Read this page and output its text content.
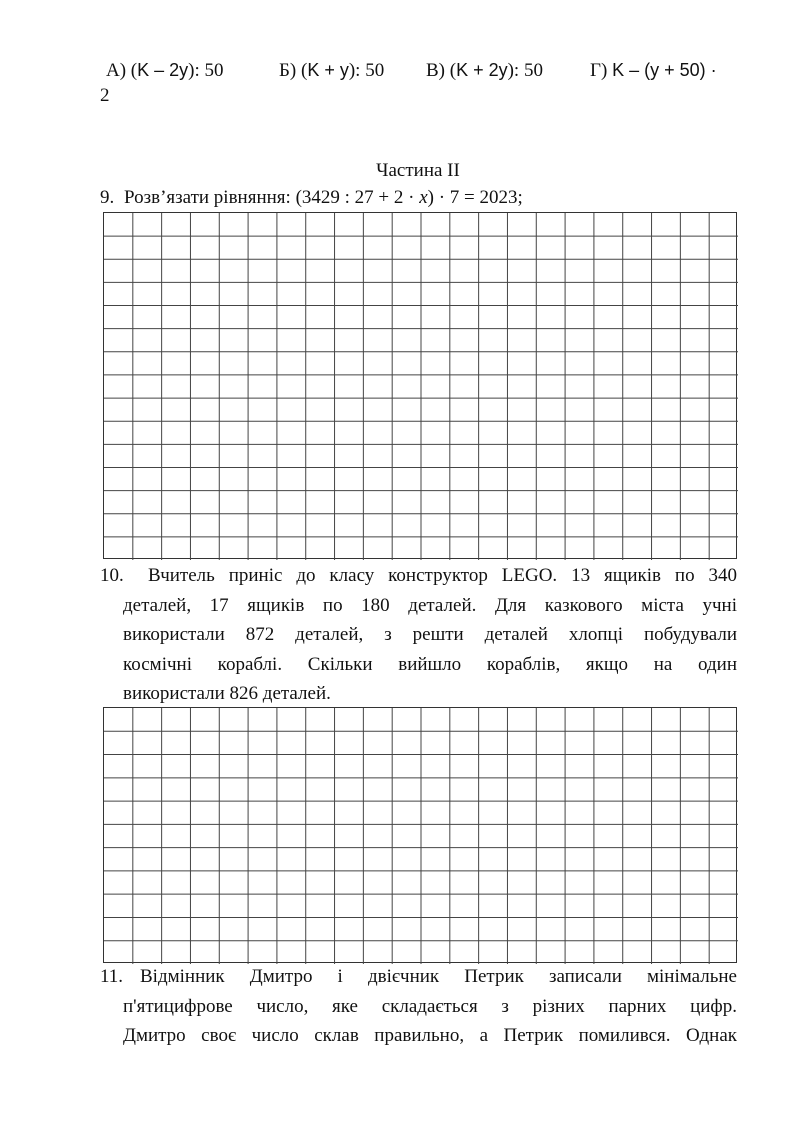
А) (K – 2y): 50	Б) (K + y): 50 В) (K + 2y): 50 Г) K – (y + 50) ·
2
Частина II
9. Розв’язати рівняння: (3429 : 27 + 2 · x) · 7 = 2023;
10.	Вчитель приніс до класу конструктор LEGO. 13 ящиків по 340
деталей, 17 ящиків по 180 деталей. Для казкового міста учні
використали 872 деталей, з решти деталей хлопці побудували
космічні кораблі. Скільки вийшло кораблів, якщо на один
використали 826 деталей.
11. Відмінник Дмитро і двієчник Петрик записали мінімальне
п'ятицифрове число, яке складається з різних парних цифр.
Дмитро своє число склав правильно, а Петрик помилився. Однак
